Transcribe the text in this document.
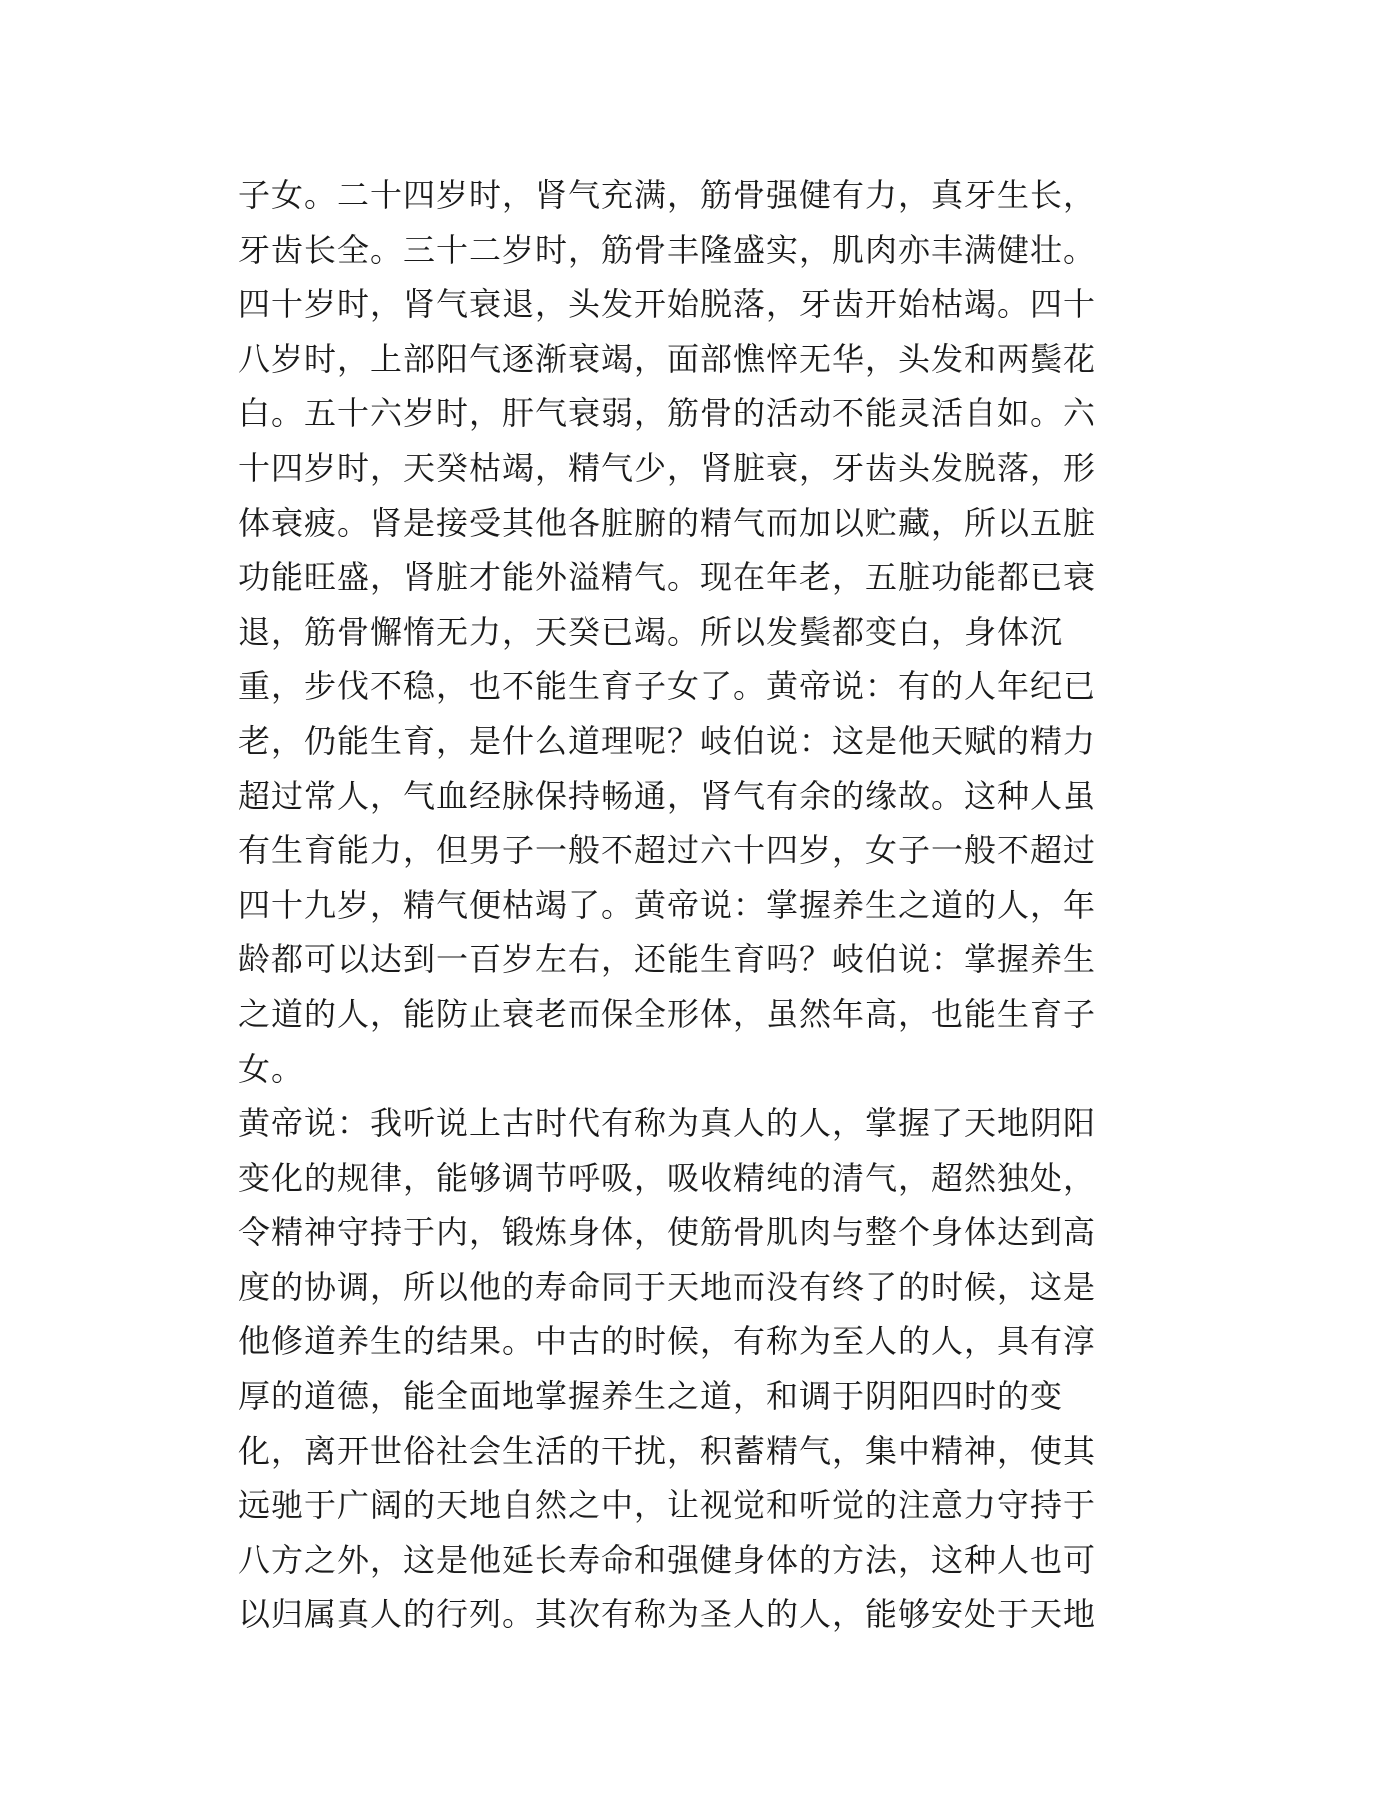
子女。二十四岁时，肾气充满，筋骨强健有力，真牙生长，
牙齿长全。三十二岁时，筋骨丰隆盛实，肌肉亦丰满健壮。
四十岁时，肾气衰退，头发开始脱落，牙齿开始枯竭。四十
八岁时，上部阳气逐渐衰竭，面部憔悴无华，头发和两鬓花
白。五十六岁时，肝气衰弱，筋骨的活动不能灵活自如。六
十四岁时，天癸枯竭，精气少，肾脏衰，牙齿头发脱落，形
体衰疲。肾是接受其他各脏腑的精气而加以贮藏，所以五脏
功能旺盛，肾脏才能外溢精气。现在年老，五脏功能都已衰
退，筋骨懈惰无力，天癸已竭。所以发鬓都变白，身体沉
重，步伐不稳，也不能生育子女了。黄帝说：有的人年纪已
老，仍能生育，是什么道理呢？岐伯说：这是他天赋的精力
超过常人，气血经脉保持畅通，肾气有余的缘故。这种人虽
有生育能力，但男子一般不超过六十四岁，女子一般不超过
四十九岁，精气便枯竭了。黄帝说：掌握养生之道的人，年
龄都可以达到一百岁左右，还能生育吗？岐伯说：掌握养生
之道的人，能防止衰老而保全形体，虽然年高，也能生育子
女。
黄帝说：我听说上古时代有称为真人的人，掌握了天地阴阳
变化的规律，能够调节呼吸，吸收精纯的清气，超然独处，
令精神守持于内，锻炼身体，使筋骨肌肉与整个身体达到高
度的协调，所以他的寿命同于天地而没有终了的时候，这是
他修道养生的结果。中古的时候，有称为至人的人，具有淳
厚的道德，能全面地掌握养生之道，和调于阴阳四时的变
化，离开世俗社会生活的干扰，积蓄精气，集中精神，使其
远驰于广阔的天地自然之中，让视觉和听觉的注意力守持于
八方之外，这是他延长寿命和强健身体的方法，这种人也可
以归属真人的行列。其次有称为圣人的人，能够安处于天地
